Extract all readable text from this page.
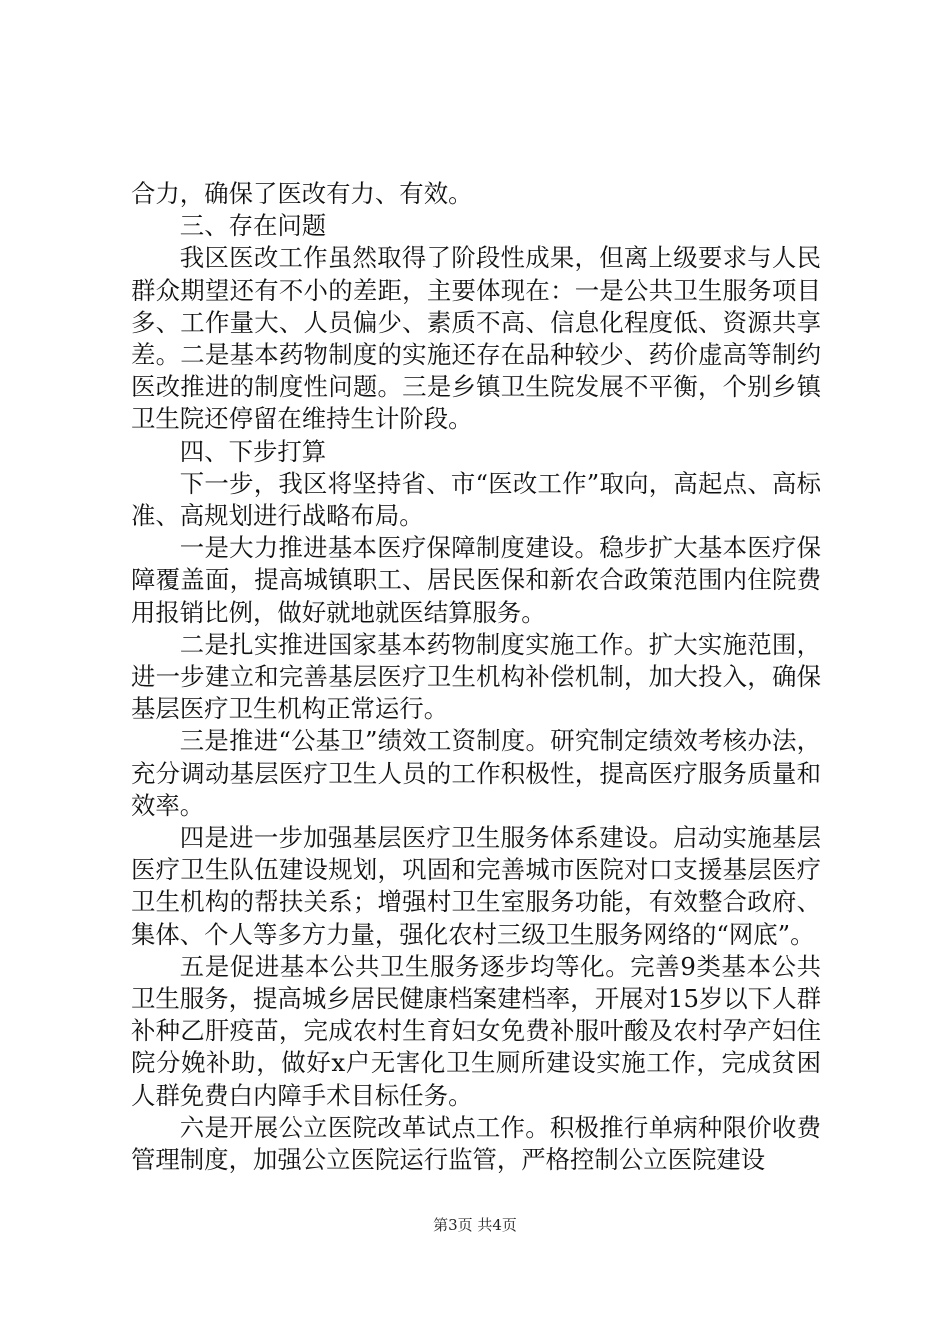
合力，确保了医改有力、有效。

三、存在问题

我区医改工作虽然取得了阶段性成果，但离上级要求与人民群众期望还有不小的差距，主要体现在：一是公共卫生服务项目多、工作量大、人员偏少、素质不高、信息化程度低、资源共享差。二是基本药物制度的实施还存在品种较少、药价虚高等制约医改推进的制度性问题。三是乡镇卫生院发展不平衡，个别乡镇卫生院还停留在维持生计阶段。

四、下步打算

下一步，我区将坚持省、市“医改工作”取向，高起点、高标准、高规划进行战略布局。

一是大力推进基本医疗保障制度建设。稳步扩大基本医疗保障覆盖面，提高城镇职工、居民医保和新农合政策范围内住院费用报销比例，做好就地就医结算服务。

二是扎实推进国家基本药物制度实施工作。扩大实施范围，进一步建立和完善基层医疗卫生机构补偿机制，加大投入，确保基层医疗卫生机构正常运行。

三是推进“公基卫”绩效工资制度。研究制定绩效考核办法，充分调动基层医疗卫生人员的工作积极性，提高医疗服务质量和效率。

四是进一步加强基层医疗卫生服务体系建设。启动实施基层医疗卫生队伍建设规划，巩固和完善城市医院对口支援基层医疗卫生机构的帮扶关系；增强村卫生室服务功能，有效整合政府、集体、个人等多方力量，强化农村三级卫生服务网络的“网底”。

五是促进基本公共卫生服务逐步均等化。完善9类基本公共卫生服务，提高城乡居民健康档案建档率，开展对15岁以下人群补种乙肝疫苗，完成农村生育妇女免费补服叶酸及农村孕产妇住院分娩补助，做好x户无害化卫生厕所建设实施工作，完成贫困人群免费白内障手术目标任务。

六是开展公立医院改革试点工作。积极推行单病种限价收费管理制度，加强公立医院运行监管，严格控制公立医院建设

第3页 共4页
